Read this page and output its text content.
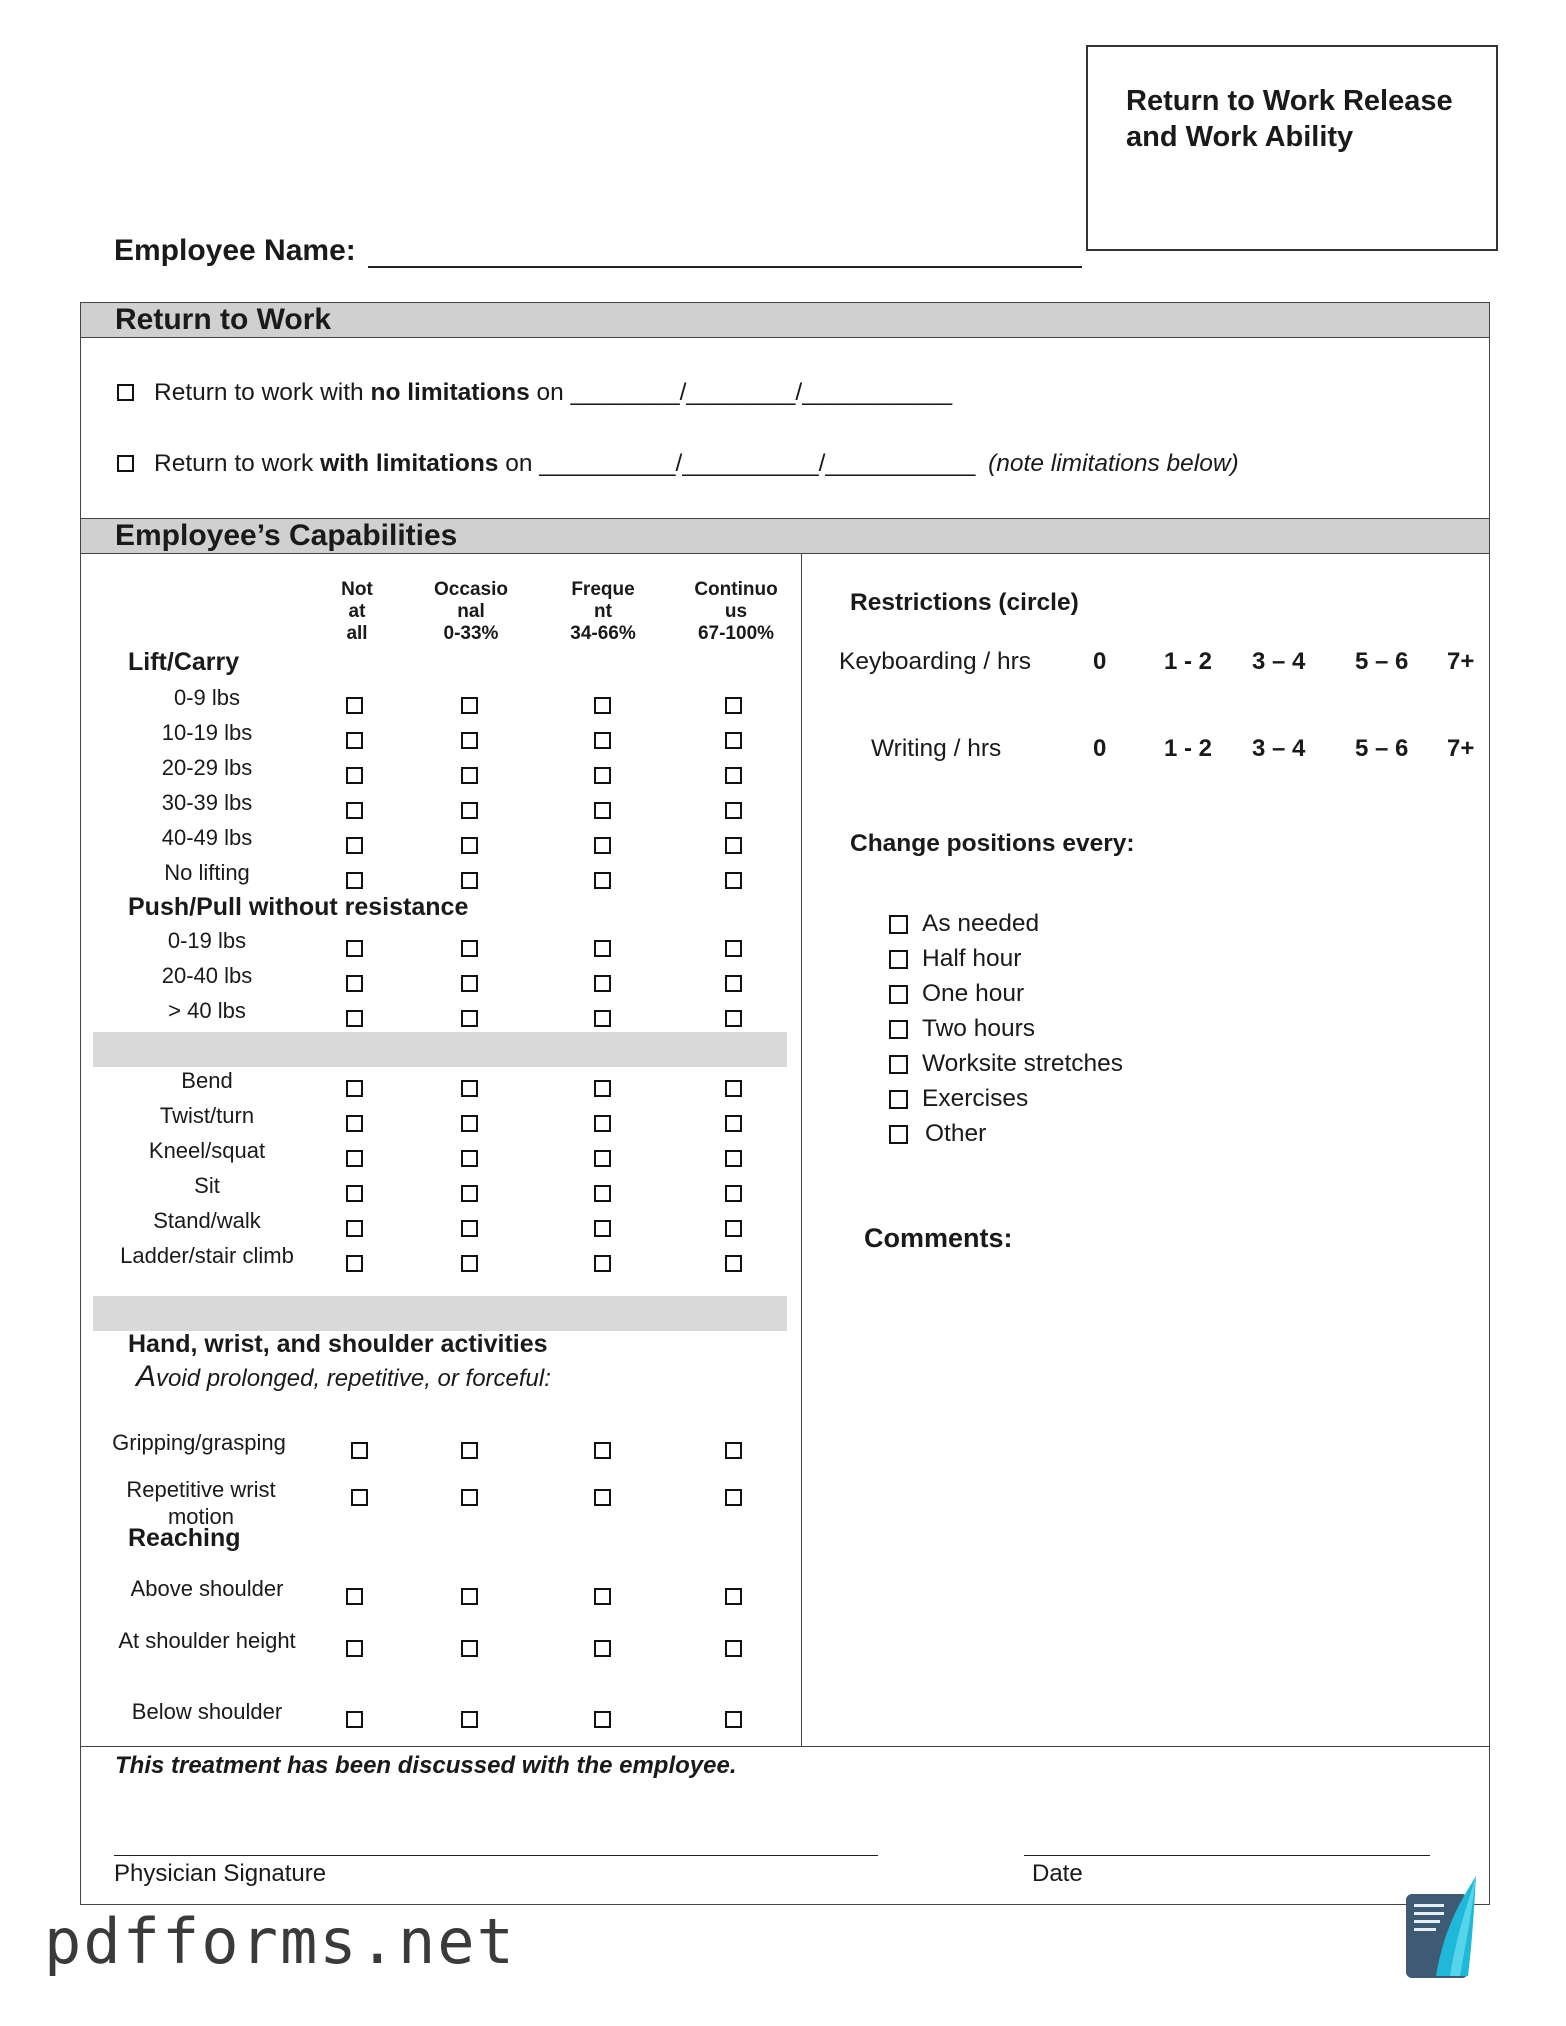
Return to Work Release and Work Ability
Employee Name:
Return to Work
Return to work with no limitations on ________/________/___________
Return to work with limitations on __________/__________/___________ (note limitations below)
Employee’s Capabilities
Not
at
all
Occasio
nal
0-33%
Freque
nt
34-66%
Continuo
us
67-100%
Lift/Carry
Push/Pull without resistance
Hand, wrist, and shoulder activities
Avoid prolonged, repetitive, or forceful:
Reaching
0-9 lbs
10-19 lbs
20-29 lbs
30-39 lbs
40-49 lbs
No lifting
0-19 lbs
20-40 lbs
> 40 lbs
Bend
Twist/turn
Kneel/squat
Sit
Stand/walk
Ladder/stair climb
Gripping/grasping
Repetitive wrist motion
Above shoulder
At shoulder height
Below shoulder
Restrictions (circle)
Keyboarding / hrs
Writing / hrs
0 1 - 2 3 – 4 5 – 6 7+
0 1 - 2 3 – 4 5 – 6 7+
Change positions every:
As needed
Half hour
One hour
Two hours
Worksite stretches
Exercises
Other
Comments:
This treatment has been discussed with the employee.
Physician Signature	Date
pdfforms.net
